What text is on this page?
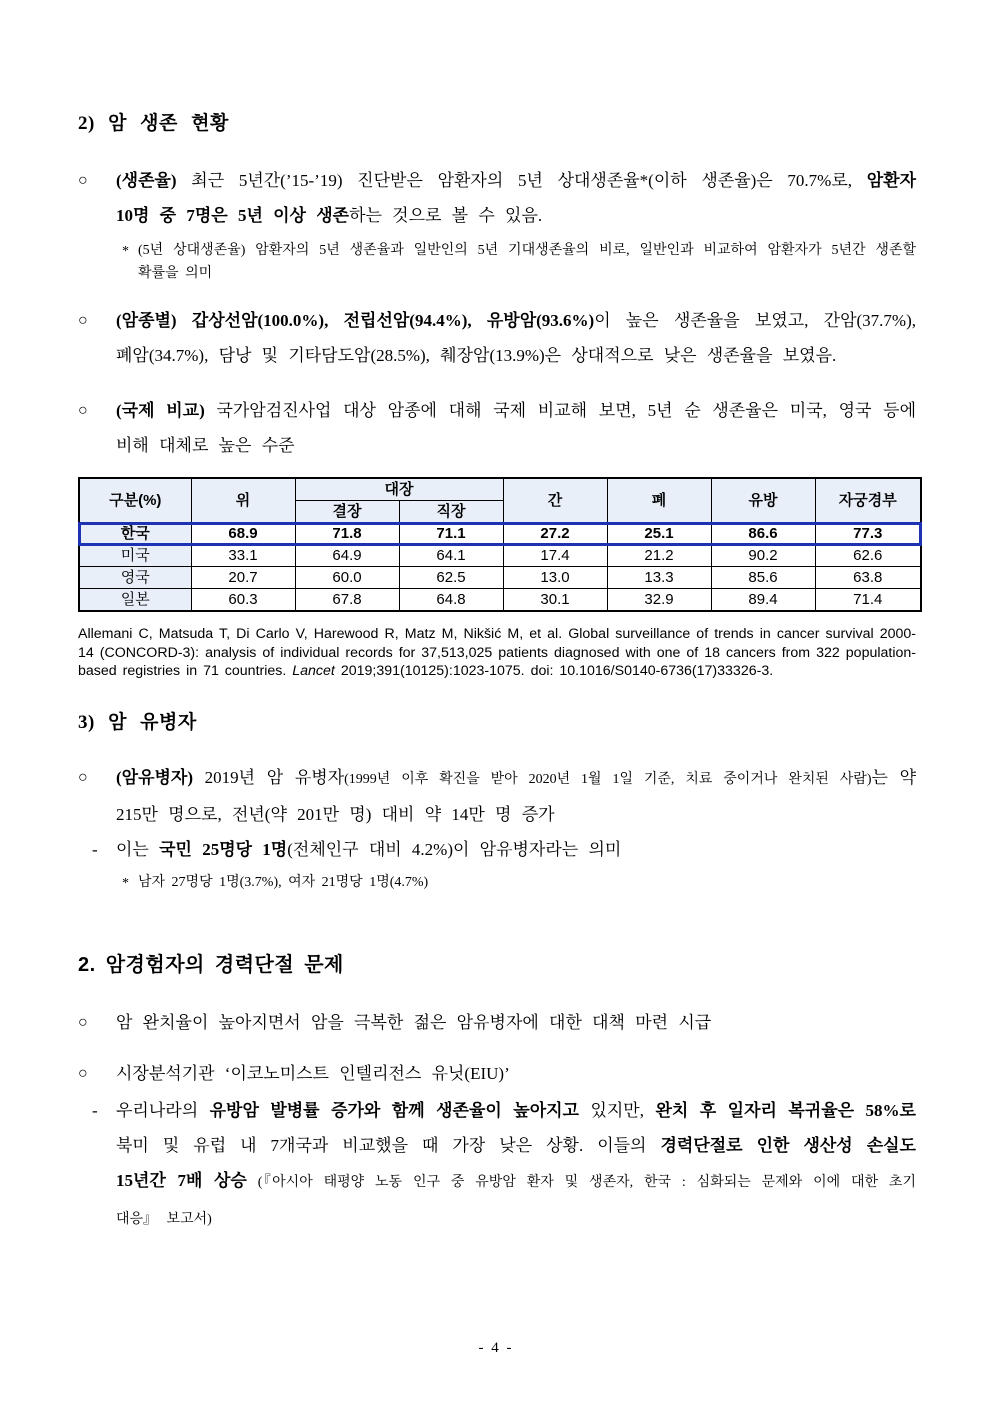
2) 암 생존 현황
○ (생존율) 최근 5년간(’15-’19) 진단받은 암환자의 5년 상대생존율*(이하 생존율)은 70.7%로, 암환자 10명 중 7명은 5년 이상 생존하는 것으로 볼 수 있음.
* (5년 상대생존율) 암환자의 5년 생존율과 일반인의 5년 기대생존율의 비로, 일반인과 비교하여 암환자가 5년간 생존할 확률을 의미
○ (암종별) 갑상선암(100.0%), 전립선암(94.4%), 유방암(93.6%)이 높은 생존율을 보였고, 간암(37.7%), 폐암(34.7%), 담낭 및 기타담도암(28.5%), 췌장암(13.9%)은 상대적으로 낮은 생존율을 보였음.
○ (국제 비교) 국가암검진사업 대상 암종에 대해 국제 비교해 보면, 5년 순 생존율은 미국, 영국 등에 비해 대체로 높은 수준
구분(%)	위	대장		간	폐	유방	자궁경부
		결장	직장				
한국	68.9	71.8	71.1	27.2	25.1	86.6	77.3
미국	33.1	64.9	64.1	17.4	21.2	90.2	62.6
영국	20.7	60.0	62.5	13.0	13.3	85.6	63.8
일본	60.3	67.8	64.8	30.1	32.9	89.4	71.4
Allemani C, Matsuda T, Di Carlo V, Harewood R, Matz M, Nikšić M, et al. Global surveillance of trends in cancer survival 2000-14 (CONCORD-3): analysis of individual records for 37,513,025 patients diagnosed with one of 18 cancers from 322 population-based registries in 71 countries. Lancet 2019;391(10125):1023-1075. doi: 10.1016/S0140-6736(17)33326-3.
3) 암 유병자
○ (암유병자) 2019년 암 유병자(1999년 이후 확진을 받아 2020년 1월 1일 기준, 치료 중이거나 완치된 사람)는 약 215만 명으로, 전년(약 201만 명) 대비 약 14만 명 증가
- 이는 국민 25명당 1명(전체인구 대비 4.2%)이 암유병자라는 의미
* 남자 27명당 1명(3.7%), 여자 21명당 1명(4.7%)
2. 암경험자의 경력단절 문제
○ 암 완치율이 높아지면서 암을 극복한 젊은 암유병자에 대한 대책 마련 시급
○ 시장분석기관 ‘이코노미스트 인텔리전스 유닛(EIU)’
- 우리나라의 유방암 발병률 증가와 함께 생존율이 높아지고 있지만, 완치 후 일자리 복귀율은 58%로 북미 및 유럽 내 7개국과 비교했을 때 가장 낮은 상황. 이들의 경력단절로 인한 생산성 손실도 15년간 7배 상승 (『아시아 태평양 노동 인구 중 유방암 환자 및 생존자, 한국 : 심화되는 문제와 이에 대한 초기 대응』 보고서)
- 4 -
